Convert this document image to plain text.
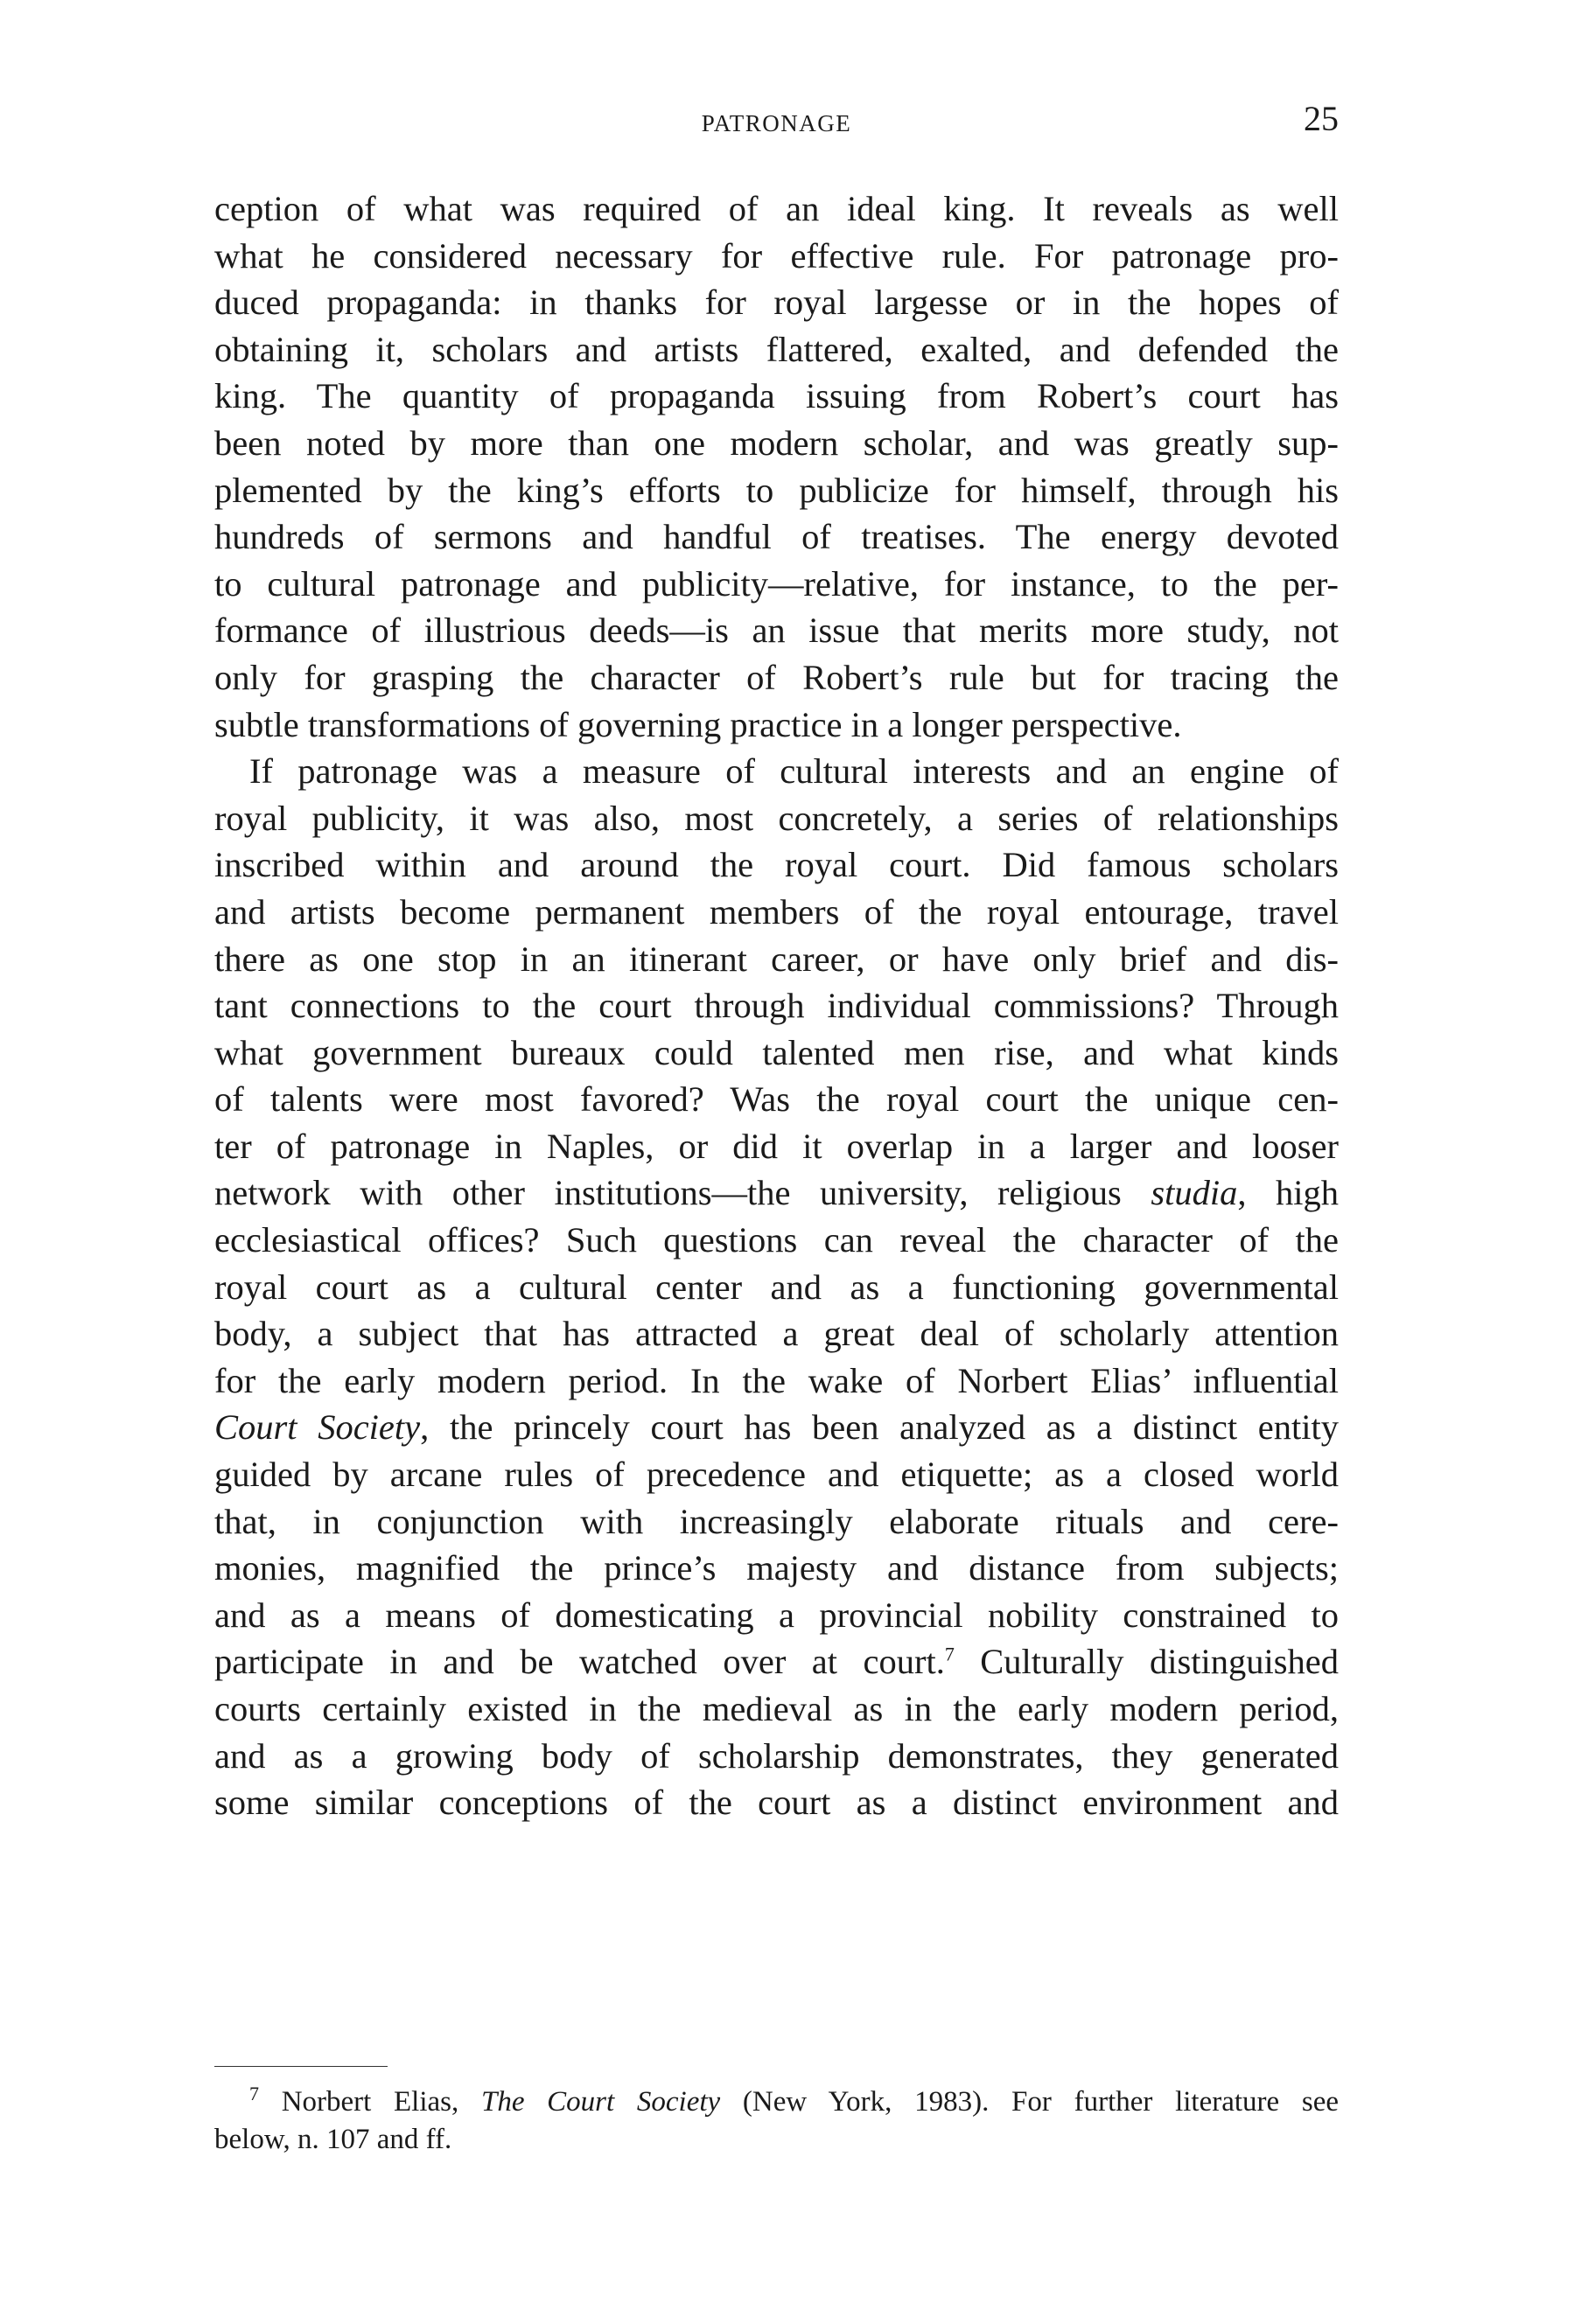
PATRONAGE	25
ception of what was required of an ideal king. It reveals as well
what he considered necessary for effective rule. For patronage pro-
duced propaganda: in thanks for royal largesse or in the hopes of
obtaining it, scholars and artists flattered, exalted, and defended the
king. The quantity of propaganda issuing from Robert’s court has
been noted by more than one modern scholar, and was greatly sup-
plemented by the king’s efforts to publicize for himself, through his
hundreds of sermons and handful of treatises. The energy devoted
to cultural patronage and publicity—relative, for instance, to the per-
formance of illustrious deeds—is an issue that merits more study, not
only for grasping the character of Robert’s rule but for tracing the
subtle transformations of governing practice in a longer perspective.
If patronage was a measure of cultural interests and an engine of
royal publicity, it was also, most concretely, a series of relationships
inscribed within and around the royal court. Did famous scholars
and artists become permanent members of the royal entourage, travel
there as one stop in an itinerant career, or have only brief and dis-
tant connections to the court through individual commissions? Through
what government bureaux could talented men rise, and what kinds
of talents were most favored? Was the royal court the unique cen-
ter of patronage in Naples, or did it overlap in a larger and looser
network with other institutions—the university, religious studia, high
ecclesiastical offices? Such questions can reveal the character of the
royal court as a cultural center and as a functioning governmental
body, a subject that has attracted a great deal of scholarly attention
for the early modern period. In the wake of Norbert Elias’ influential
Court Society, the princely court has been analyzed as a distinct entity
guided by arcane rules of precedence and etiquette; as a closed world
that, in conjunction with increasingly elaborate rituals and cere-
monies, magnified the prince’s majesty and distance from subjects;
and as a means of domesticating a provincial nobility constrained to
participate in and be watched over at court.$^7$ Culturally distinguished
courts certainly existed in the medieval as in the early modern period,
and as a growing body of scholarship demonstrates, they generated
some similar conceptions of the court as a distinct environment and
$^7$ Norbert Elias, The Court Society (New York, 1983). For further literature see
below, n. 107 and ff.
